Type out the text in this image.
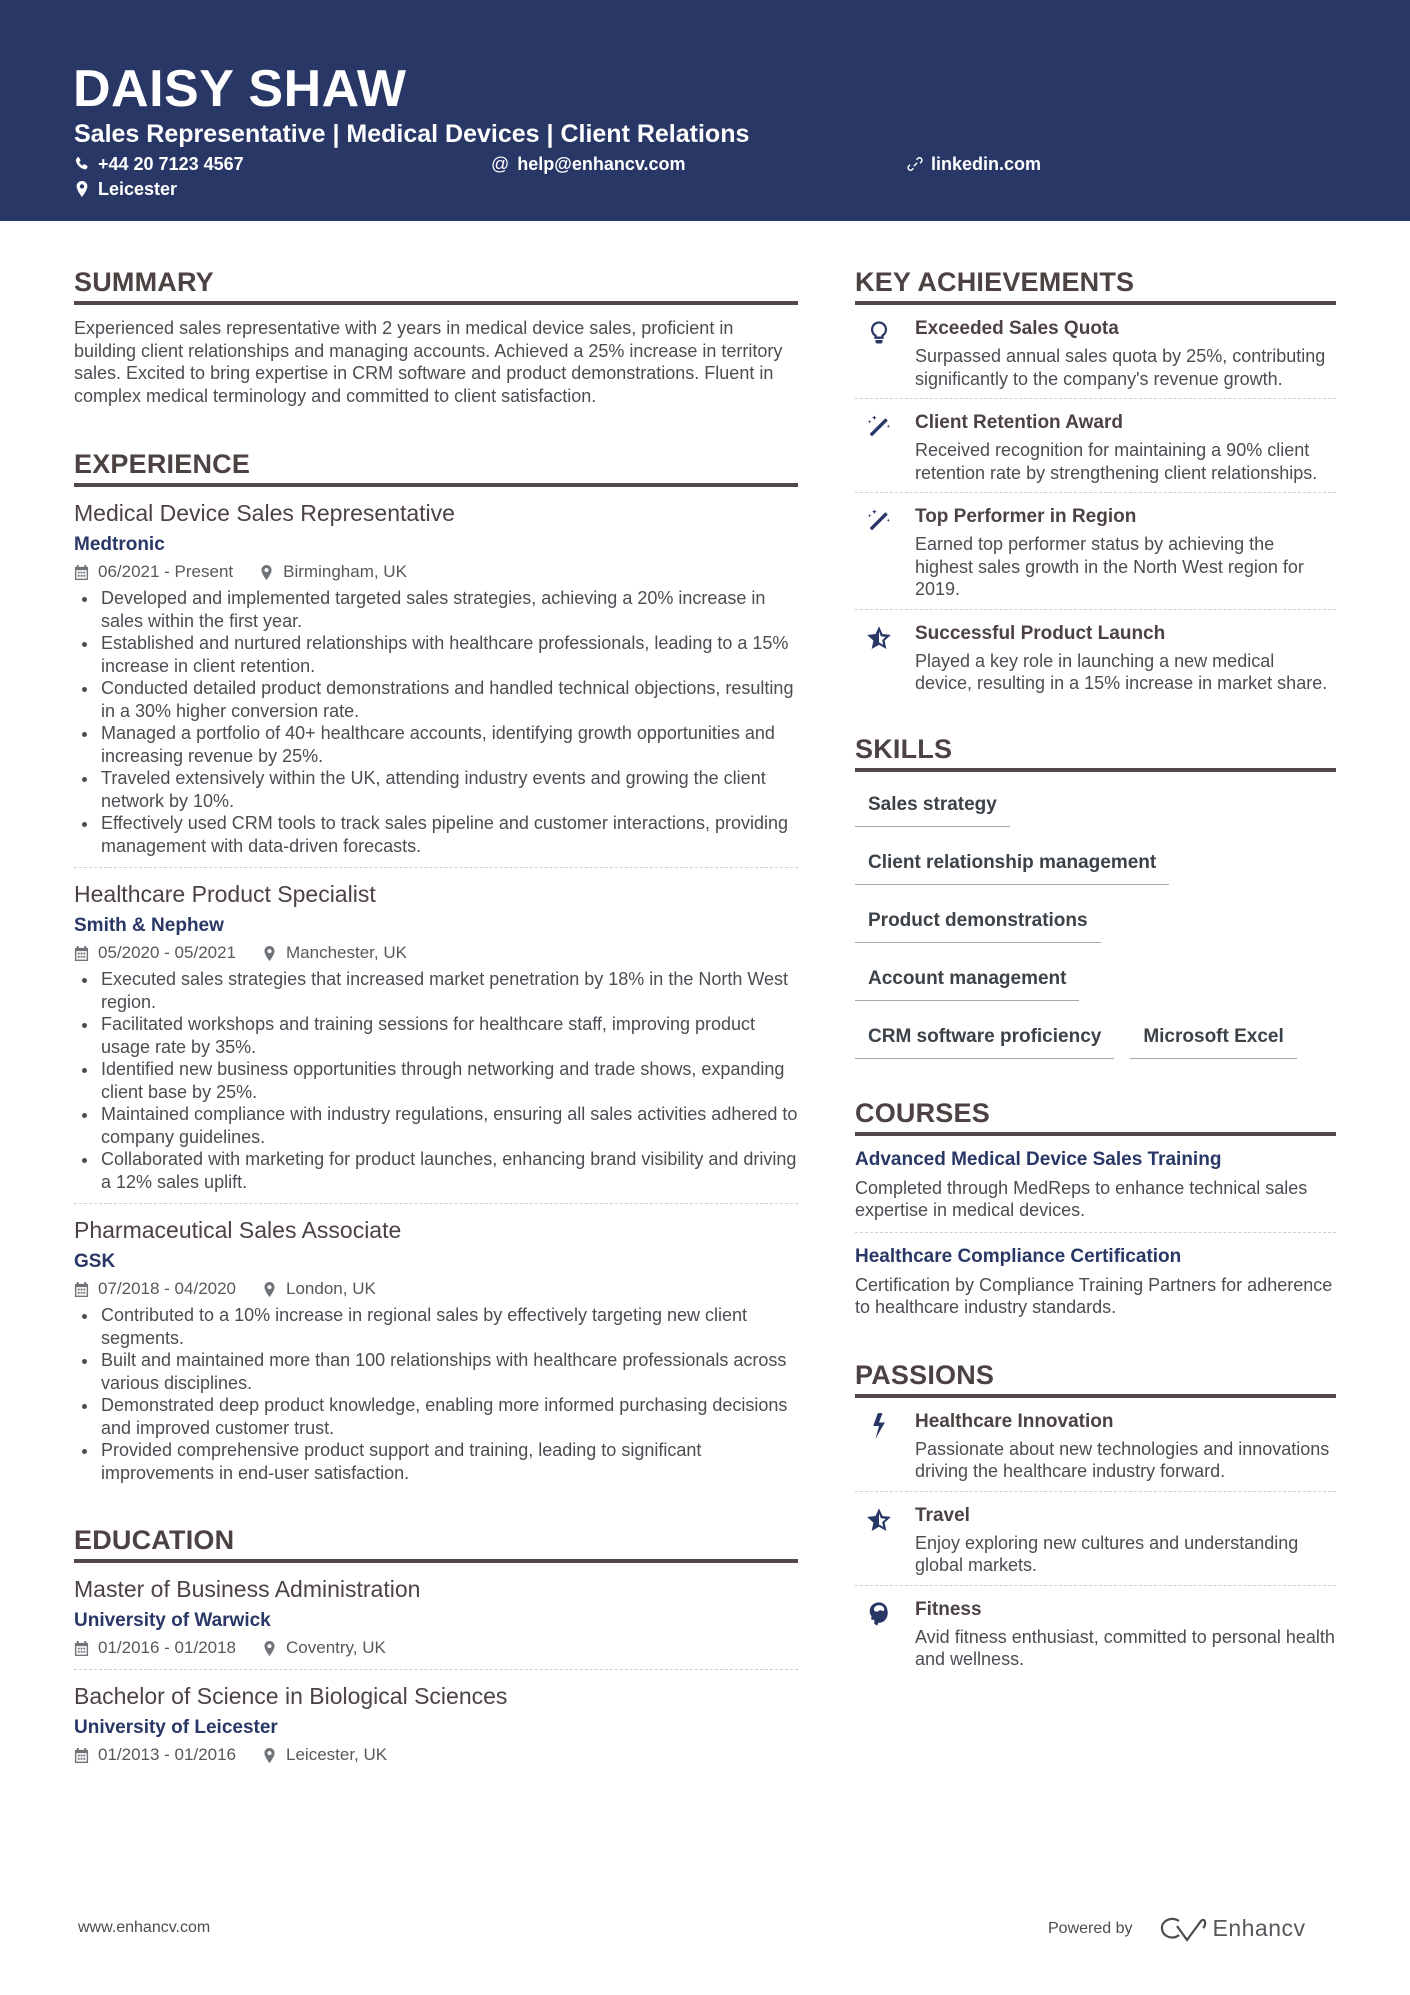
DAISY SHAW
Sales Representative | Medical Devices | Client Relations
+44 20 7123 4567	@ help@enhancv.com	linkedin.com
Leicester
SUMMARY
Experienced sales representative with 2 years in medical device sales, proficient in building client relationships and managing accounts. Achieved a 25% increase in territory sales. Excited to bring expertise in CRM software and product demonstrations. Fluent in complex medical terminology and committed to client satisfaction.
EXPERIENCE
Medical Device Sales Representative
Medtronic
06/2021 - Present	Birmingham, UK
Developed and implemented targeted sales strategies, achieving a 20% increase in sales within the first year.
Established and nurtured relationships with healthcare professionals, leading to a 15% increase in client retention.
Conducted detailed product demonstrations and handled technical objections, resulting in a 30% higher conversion rate.
Managed a portfolio of 40+ healthcare accounts, identifying growth opportunities and increasing revenue by 25%.
Traveled extensively within the UK, attending industry events and growing the client network by 10%.
Effectively used CRM tools to track sales pipeline and customer interactions, providing management with data-driven forecasts.
Healthcare Product Specialist
Smith & Nephew
05/2020 - 05/2021	Manchester, UK
Executed sales strategies that increased market penetration by 18% in the North West region.
Facilitated workshops and training sessions for healthcare staff, improving product usage rate by 35%.
Identified new business opportunities through networking and trade shows, expanding client base by 25%.
Maintained compliance with industry regulations, ensuring all sales activities adhered to company guidelines.
Collaborated with marketing for product launches, enhancing brand visibility and driving a 12% sales uplift.
Pharmaceutical Sales Associate
GSK
07/2018 - 04/2020	London, UK
Contributed to a 10% increase in regional sales by effectively targeting new client segments.
Built and maintained more than 100 relationships with healthcare professionals across various disciplines.
Demonstrated deep product knowledge, enabling more informed purchasing decisions and improved customer trust.
Provided comprehensive product support and training, leading to significant improvements in end-user satisfaction.
EDUCATION
Master of Business Administration
University of Warwick
01/2016 - 01/2018	Coventry, UK
Bachelor of Science in Biological Sciences
University of Leicester
01/2013 - 01/2016	Leicester, UK
KEY ACHIEVEMENTS
Exceeded Sales Quota
Surpassed annual sales quota by 25%, contributing significantly to the company's revenue growth.
Client Retention Award
Received recognition for maintaining a 90% client retention rate by strengthening client relationships.
Top Performer in Region
Earned top performer status by achieving the highest sales growth in the North West region for 2019.
Successful Product Launch
Played a key role in launching a new medical device, resulting in a 15% increase in market share.
SKILLS
Sales strategy
Client relationship management
Product demonstrations
Account management
CRM software proficiency	Microsoft Excel
COURSES
Advanced Medical Device Sales Training
Completed through MedReps to enhance technical sales expertise in medical devices.
Healthcare Compliance Certification
Certification by Compliance Training Partners for adherence to healthcare industry standards.
PASSIONS
Healthcare Innovation
Passionate about new technologies and innovations driving the healthcare industry forward.
Travel
Enjoy exploring new cultures and understanding global markets.
Fitness
Avid fitness enthusiast, committed to personal health and wellness.
www.enhancv.com	Powered by	Enhancv
